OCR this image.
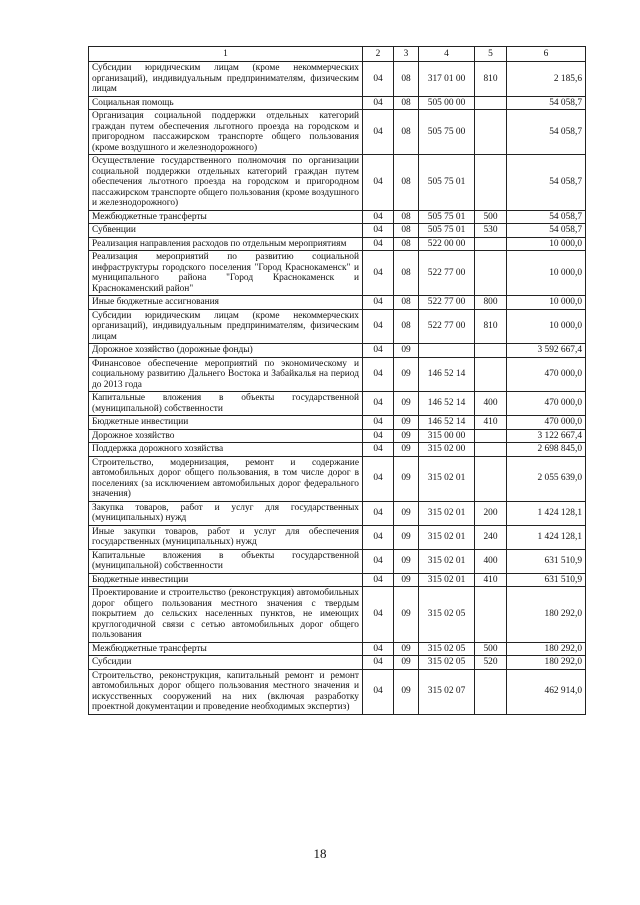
1	2	3	4	5	6
Субсидии юридическим лицам (кроме некоммерческих организаций), индивидуальным предпринимателям, физическим лицам	04	08	317 01 00	810	2 185,6
Социальная помощь	04	08	505 00 00		54 058,7
Организация социальной поддержки отдельных категорий граждан путем обеспечения льготного проезда на городском и пригородном пассажирском транспорте общего пользования (кроме воздушного и железнодорожного)	04	08	505 75 00		54 058,7
Осуществление государственного полномочия по организации социальной поддержки отдельных категорий граждан путем обеспечения льготного проезда на городском и пригородном пассажирском транспорте общего пользования (кроме воздушного и железнодорожного)	04	08	505 75 01		54 058,7
Межбюджетные трансферты	04	08	505 75 01	500	54 058,7
Субвенции	04	08	505 75 01	530	54 058,7
Реализация направления расходов по отдельным мероприятиям	04	08	522 00 00		10 000,0
Реализация мероприятий по развитию социальной инфраструктуры городского поселения "Город Краснокаменск" и муниципального района "Город Краснокаменск и Краснокаменский район"	04	08	522 77 00		10 000,0
Иные бюджетные ассигнования	04	08	522 77 00	800	10 000,0
Субсидии юридическим лицам (кроме некоммерческих организаций), индивидуальным предпринимателям, физическим лицам	04	08	522 77 00	810	10 000,0
Дорожное хозяйство (дорожные фонды)	04	09			3 592 667,4
Финансовое обеспечение мероприятий по экономическому и социальному развитию Дальнего Востока и Забайкалья на период до 2013 года	04	09	146 52 14		470 000,0
Капитальные вложения в объекты государственной (муниципальной) собственности	04	09	146 52 14	400	470 000,0
Бюджетные инвестиции	04	09	146 52 14	410	470 000,0
Дорожное хозяйство	04	09	315 00 00		3 122 667,4
Поддержка дорожного хозяйства	04	09	315 02 00		2 698 845,0
Строительство, модернизация, ремонт и содержание автомобильных дорог общего пользования, в том числе дорог в поселениях (за исключением автомобильных дорог федерального значения)	04	09	315 02 01		2 055 639,0
Закупка товаров, работ и услуг для государственных (муниципальных) нужд	04	09	315 02 01	200	1 424 128,1
Иные закупки товаров, работ и услуг для обеспечения государственных (муниципальных) нужд	04	09	315 02 01	240	1 424 128,1
Капитальные вложения в объекты государственной (муниципальной) собственности	04	09	315 02 01	400	631 510,9
Бюджетные инвестиции	04	09	315 02 01	410	631 510,9
Проектирование и строительство (реконструкция) автомобильных дорог общего пользования местного значения с твердым покрытием до сельских населенных пунктов, не имеющих круглогодичной связи с сетью автомобильных дорог общего пользования	04	09	315 02 05		180 292,0
Межбюджетные трансферты	04	09	315 02 05	500	180 292,0
Субсидии	04	09	315 02 05	520	180 292,0
Строительство, реконструкция, капитальный ремонт и ремонт автомобильных дорог общего пользования местного значения и искусственных сооружений на них (включая разработку проектной документации и проведение необходимых экспертиз)	04	09	315 02 07		462 914,0
18
